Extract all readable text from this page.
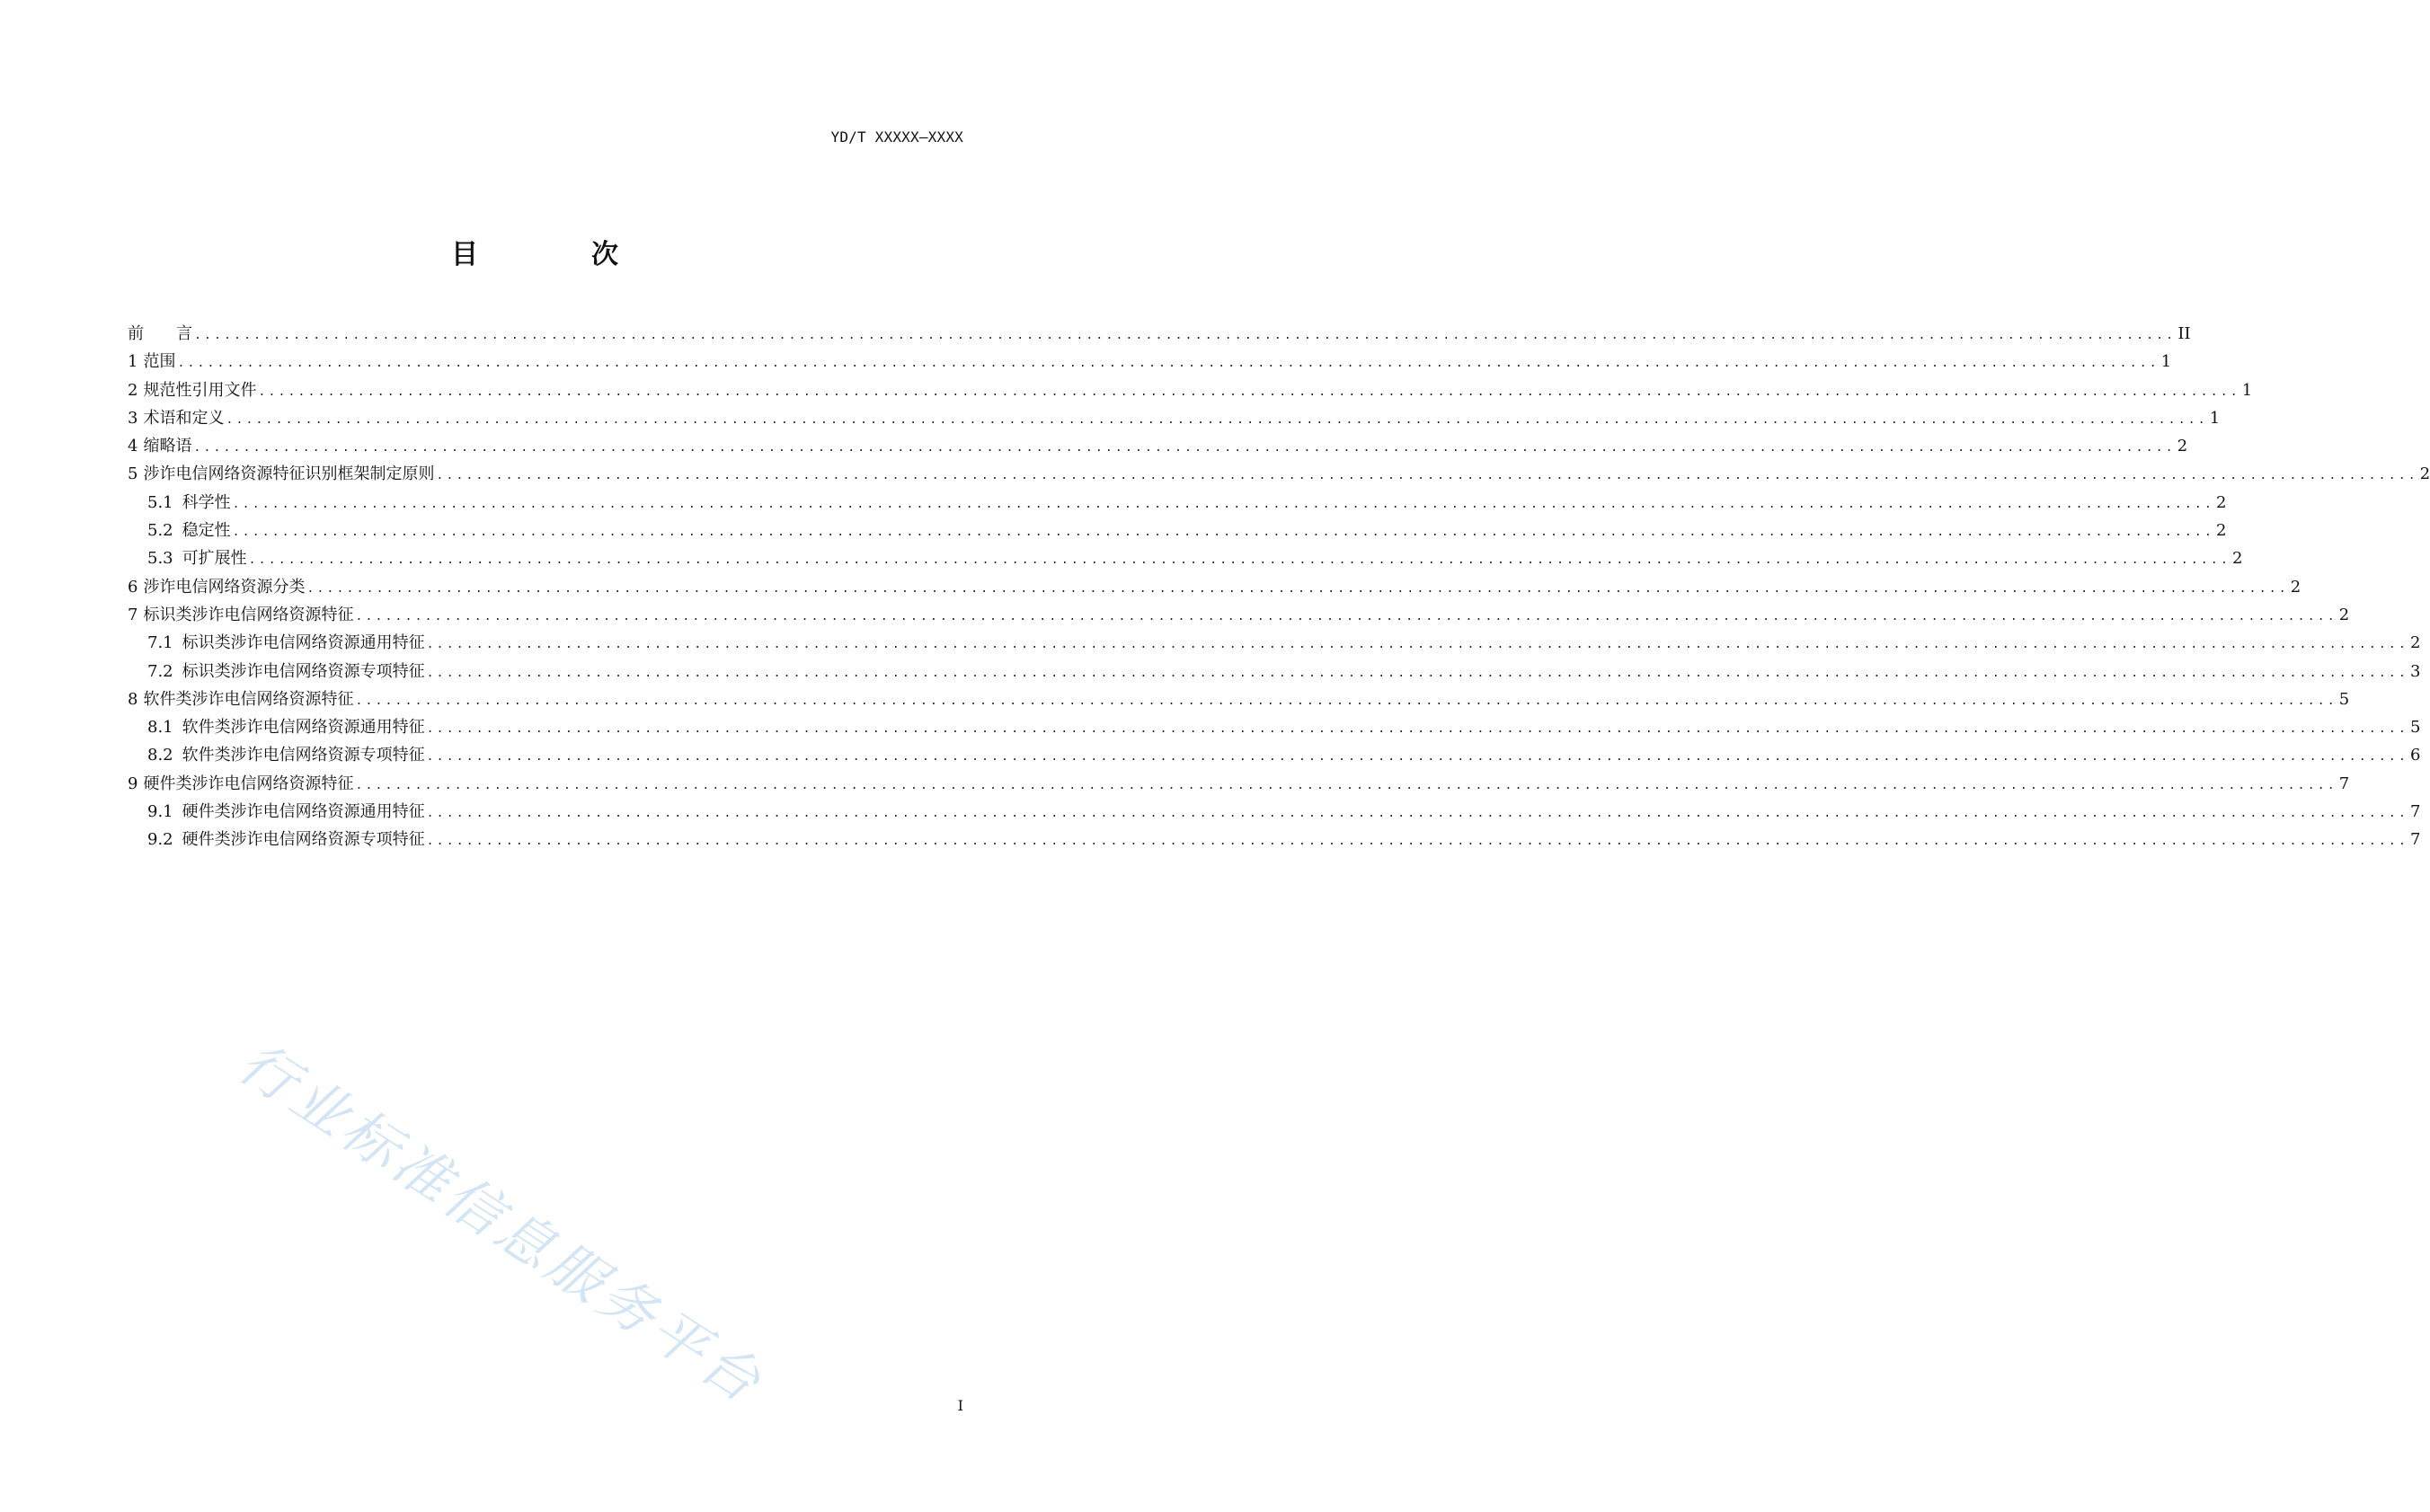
YD/T XXXXX—XXXX
目　次
前　　言 ........................................................................................................................................................................................................ II
1 范围 ........................................................................................................................................................................................................ 1
2 规范性引用文件 ........................................................................................................................................................................................................ 1
3 术语和定义 ........................................................................................................................................................................................................ 1
4 缩略语 ........................................................................................................................................................................................................ 2
5 涉诈电信网络资源特征识别框架制定原则 ........................................................................................................................................................................................................ 2
5.1 科学性 ........................................................................................................................................................................................................ 2
5.2 稳定性 ........................................................................................................................................................................................................ 2
5.3 可扩展性 ........................................................................................................................................................................................................ 2
6 涉诈电信网络资源分类 ........................................................................................................................................................................................................ 2
7 标识类涉诈电信网络资源特征 ........................................................................................................................................................................................................ 2
7.1 标识类涉诈电信网络资源通用特征 ........................................................................................................................................................................................................ 2
7.2 标识类涉诈电信网络资源专项特征 ........................................................................................................................................................................................................ 3
8 软件类涉诈电信网络资源特征 ........................................................................................................................................................................................................ 5
8.1 软件类涉诈电信网络资源通用特征 ........................................................................................................................................................................................................ 5
8.2 软件类涉诈电信网络资源专项特征 ........................................................................................................................................................................................................ 6
9 硬件类涉诈电信网络资源特征 ........................................................................................................................................................................................................ 7
9.1 硬件类涉诈电信网络资源通用特征 ........................................................................................................................................................................................................ 7
9.2 硬件类涉诈电信网络资源专项特征 ........................................................................................................................................................................................................ 7
行业标准信息服务平台	I
